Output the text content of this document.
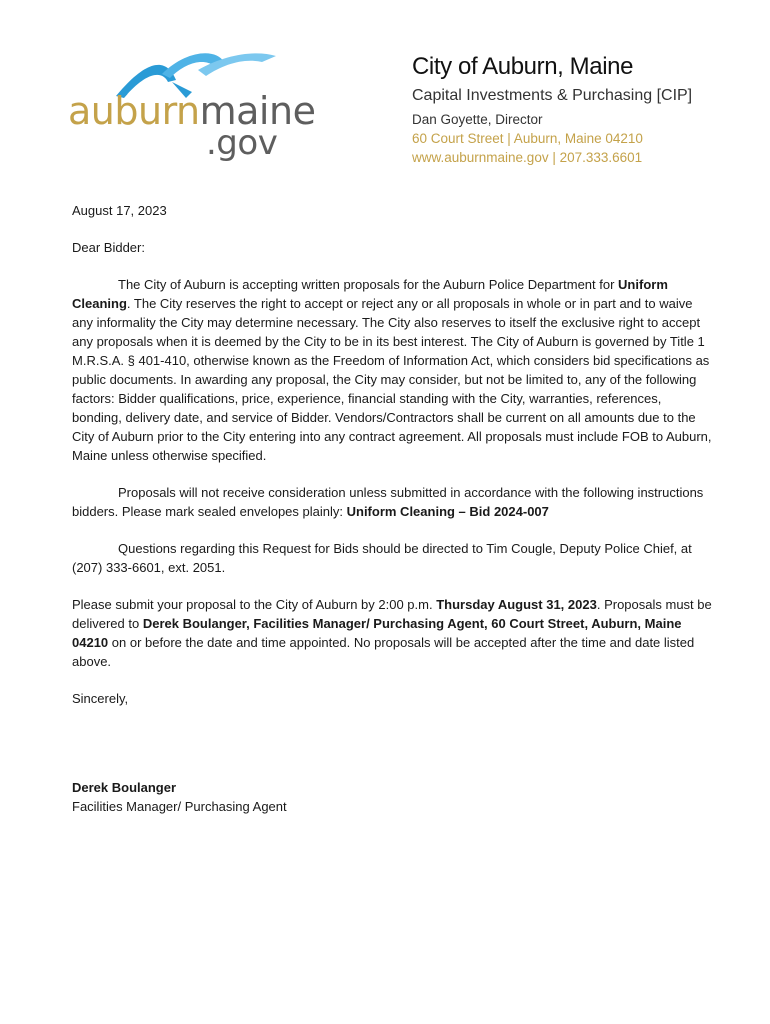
auburnmaine
.gov
City of Auburn, Maine
Capital Investments & Purchasing [CIP]
Dan Goyette, Director
60 Court Street | Auburn, Maine 04210
www.auburnmaine.gov | 207.333.6601

August 17, 2023

Dear Bidder:

The City of Auburn is accepting written proposals for the Auburn Police Department for Uniform Cleaning. The City reserves the right to accept or reject any or all proposals in whole or in part and to waive any informality the City may determine necessary. The City also reserves to itself the exclusive right to accept any proposals when it is deemed by the City to be in its best interest. The City of Auburn is governed by Title 1 M.R.S.A. § 401-410, otherwise known as the Freedom of Information Act, which considers bid specifications as public documents. In awarding any proposal, the City may consider, but not be limited to, any of the following factors: Bidder qualifications, price, experience, financial standing with the City, warranties, references, bonding, delivery date, and service of Bidder. Vendors/Contractors shall be current on all amounts due to the City of Auburn prior to the City entering into any contract agreement. All proposals must include FOB to Auburn, Maine unless otherwise specified.

Proposals will not receive consideration unless submitted in accordance with the following instructions bidders. Please mark sealed envelopes plainly: Uniform Cleaning – Bid 2024-007

Questions regarding this Request for Bids should be directed to Tim Cougle, Deputy Police Chief, at (207) 333-6601, ext. 2051.

Please submit your proposal to the City of Auburn by 2:00 p.m. Thursday August 31, 2023. Proposals must be delivered to Derek Boulanger, Facilities Manager/ Purchasing Agent, 60 Court Street, Auburn, Maine 04210 on or before the date and time appointed. No proposals will be accepted after the time and date listed above.

Sincerely,

Derek Boulanger

Facilities Manager/ Purchasing Agent
